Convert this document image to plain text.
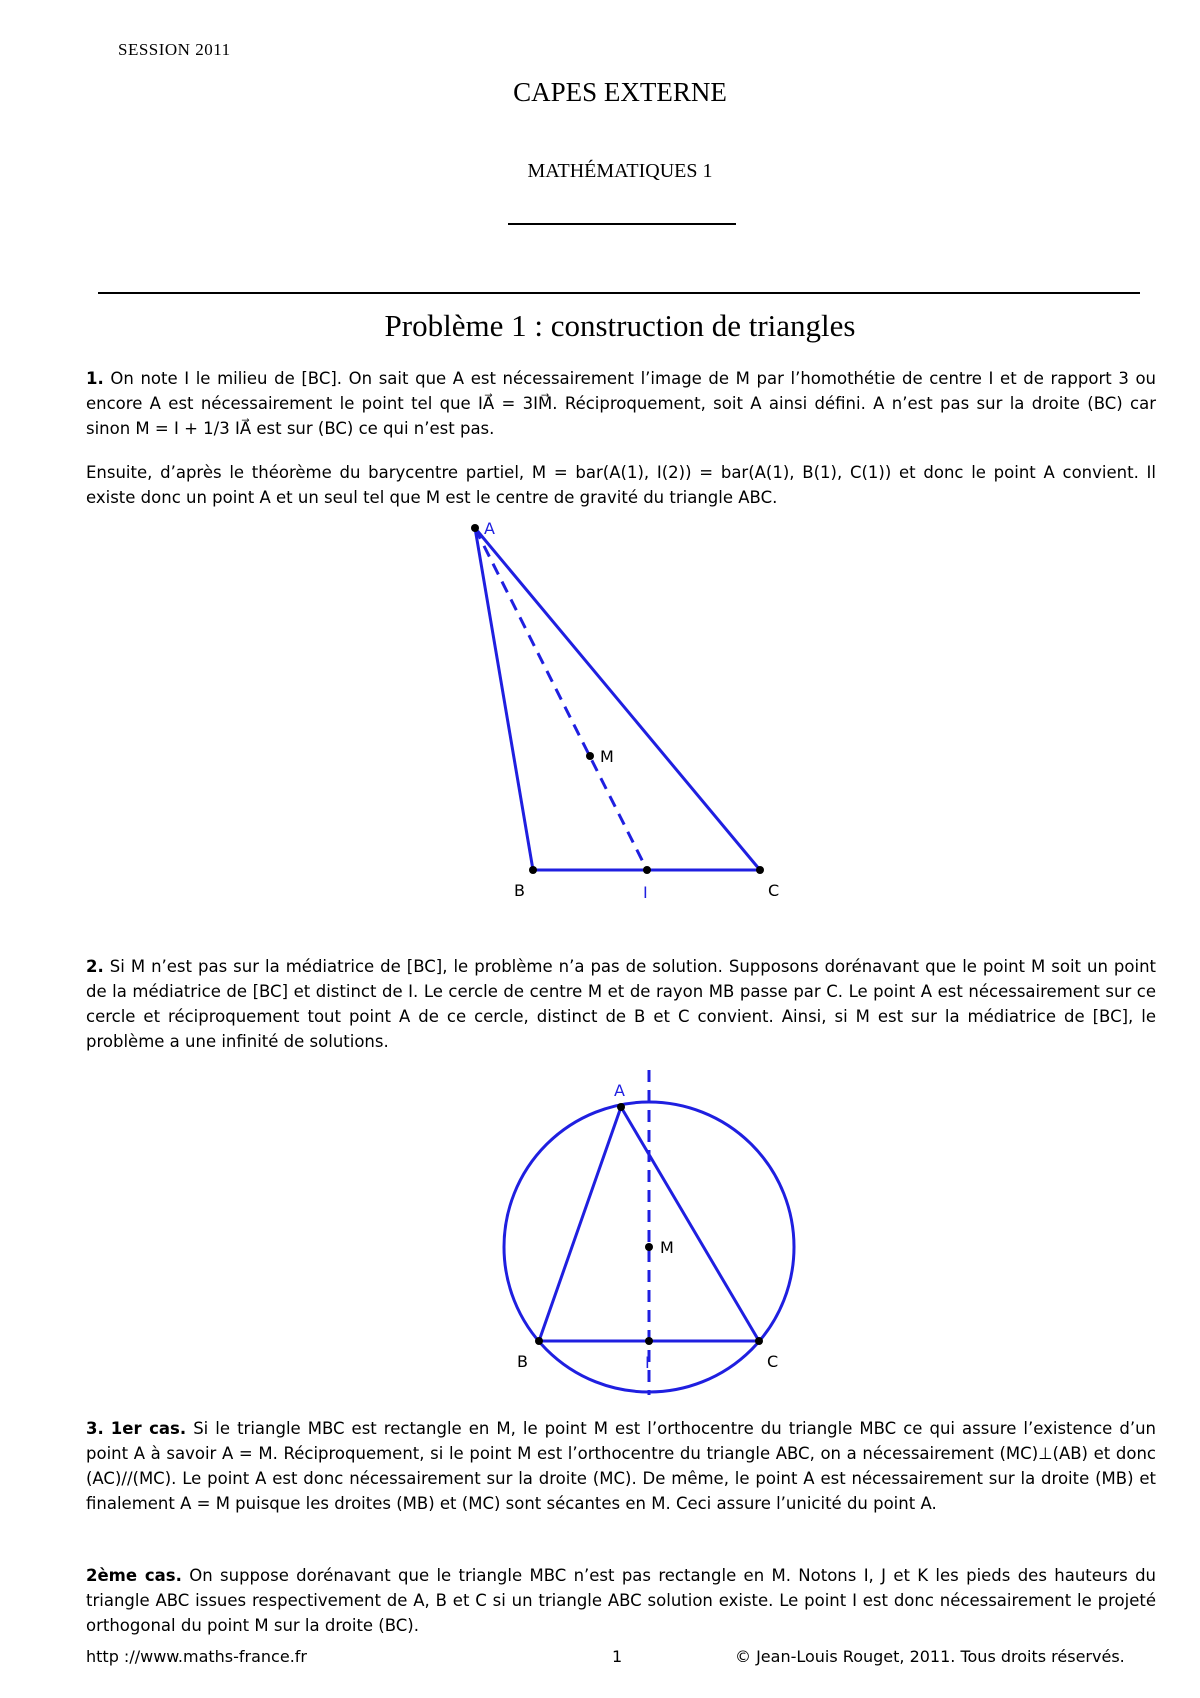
SESSION 2011
CAPES EXTERNE
MATHÉMATIQUES 1
Problème 1 : construction de triangles
1. On note I le milieu de [BC]. On sait que A est nécessairement l’image de M par l’homothétie de centre I et de rapport 3 ou encore A est nécessairement le point tel que IA⃗ = 3IM⃗. Réciproquement, soit A ainsi défini. A n’est pas sur la droite (BC) car sinon M = I + 1/3 IA⃗ est sur (BC) ce qui n’est pas.
Ensuite, d’après le théorème du barycentre partiel, M = bar(A(1), I(2)) = bar(A(1), B(1), C(1)) et donc le point A convient. Il existe donc un point A et un seul tel que M est le centre de gravité du triangle ABC.
A
M
B	I	C
2. Si M n’est pas sur la médiatrice de [BC], le problème n’a pas de solution. Supposons dorénavant que le point M soit un point de la médiatrice de [BC] et distinct de I. Le cercle de centre M et de rayon MB passe par C. Le point A est nécessairement sur ce cercle et réciproquement tout point A de ce cercle, distinct de B et C convient. Ainsi, si M est sur la médiatrice de [BC], le problème a une infinité de solutions.
A
M
B	I	C
3. 1er cas. Si le triangle MBC est rectangle en M, le point M est l’orthocentre du triangle MBC ce qui assure l’existence d’un point A à savoir A = M. Réciproquement, si le point M est l’orthocentre du triangle ABC, on a nécessairement (MC)⊥(AB) et donc (AC)//(MC). Le point A est donc nécessairement sur la droite (MC). De même, le point A est nécessairement sur la droite (MB) et finalement A = M puisque les droites (MB) et (MC) sont sécantes en M. Ceci assure l’unicité du point A.
2ème cas. On suppose dorénavant que le triangle MBC n’est pas rectangle en M. Notons I, J et K les pieds des hauteurs du triangle ABC issues respectivement de A, B et C si un triangle ABC solution existe. Le point I est donc nécessairement le projeté orthogonal du point M sur la droite (BC).
http ://www.maths-france.fr	1	© Jean-Louis Rouget, 2011. Tous droits réservés.
